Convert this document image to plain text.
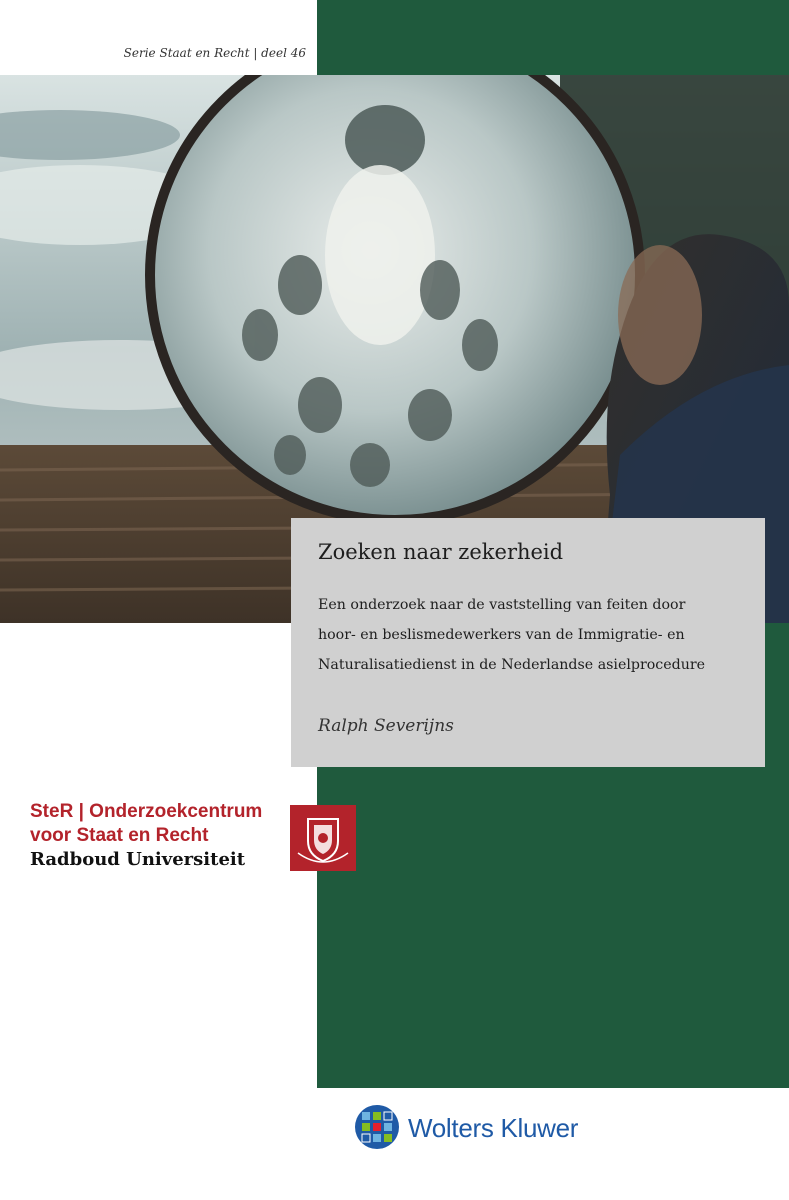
Serie Staat en Recht | deel 46
Zoeken naar zekerheid
Een onderzoek naar de vaststelling van feiten door
hoor- en beslismedewerkers van de Immigratie- en
Naturalisatiedienst in de Nederlandse asielprocedure
Ralph Severijns
SteR | Onderzoekcentrum
voor Staat en Recht
Radboud Universiteit
Wolters Kluwer
